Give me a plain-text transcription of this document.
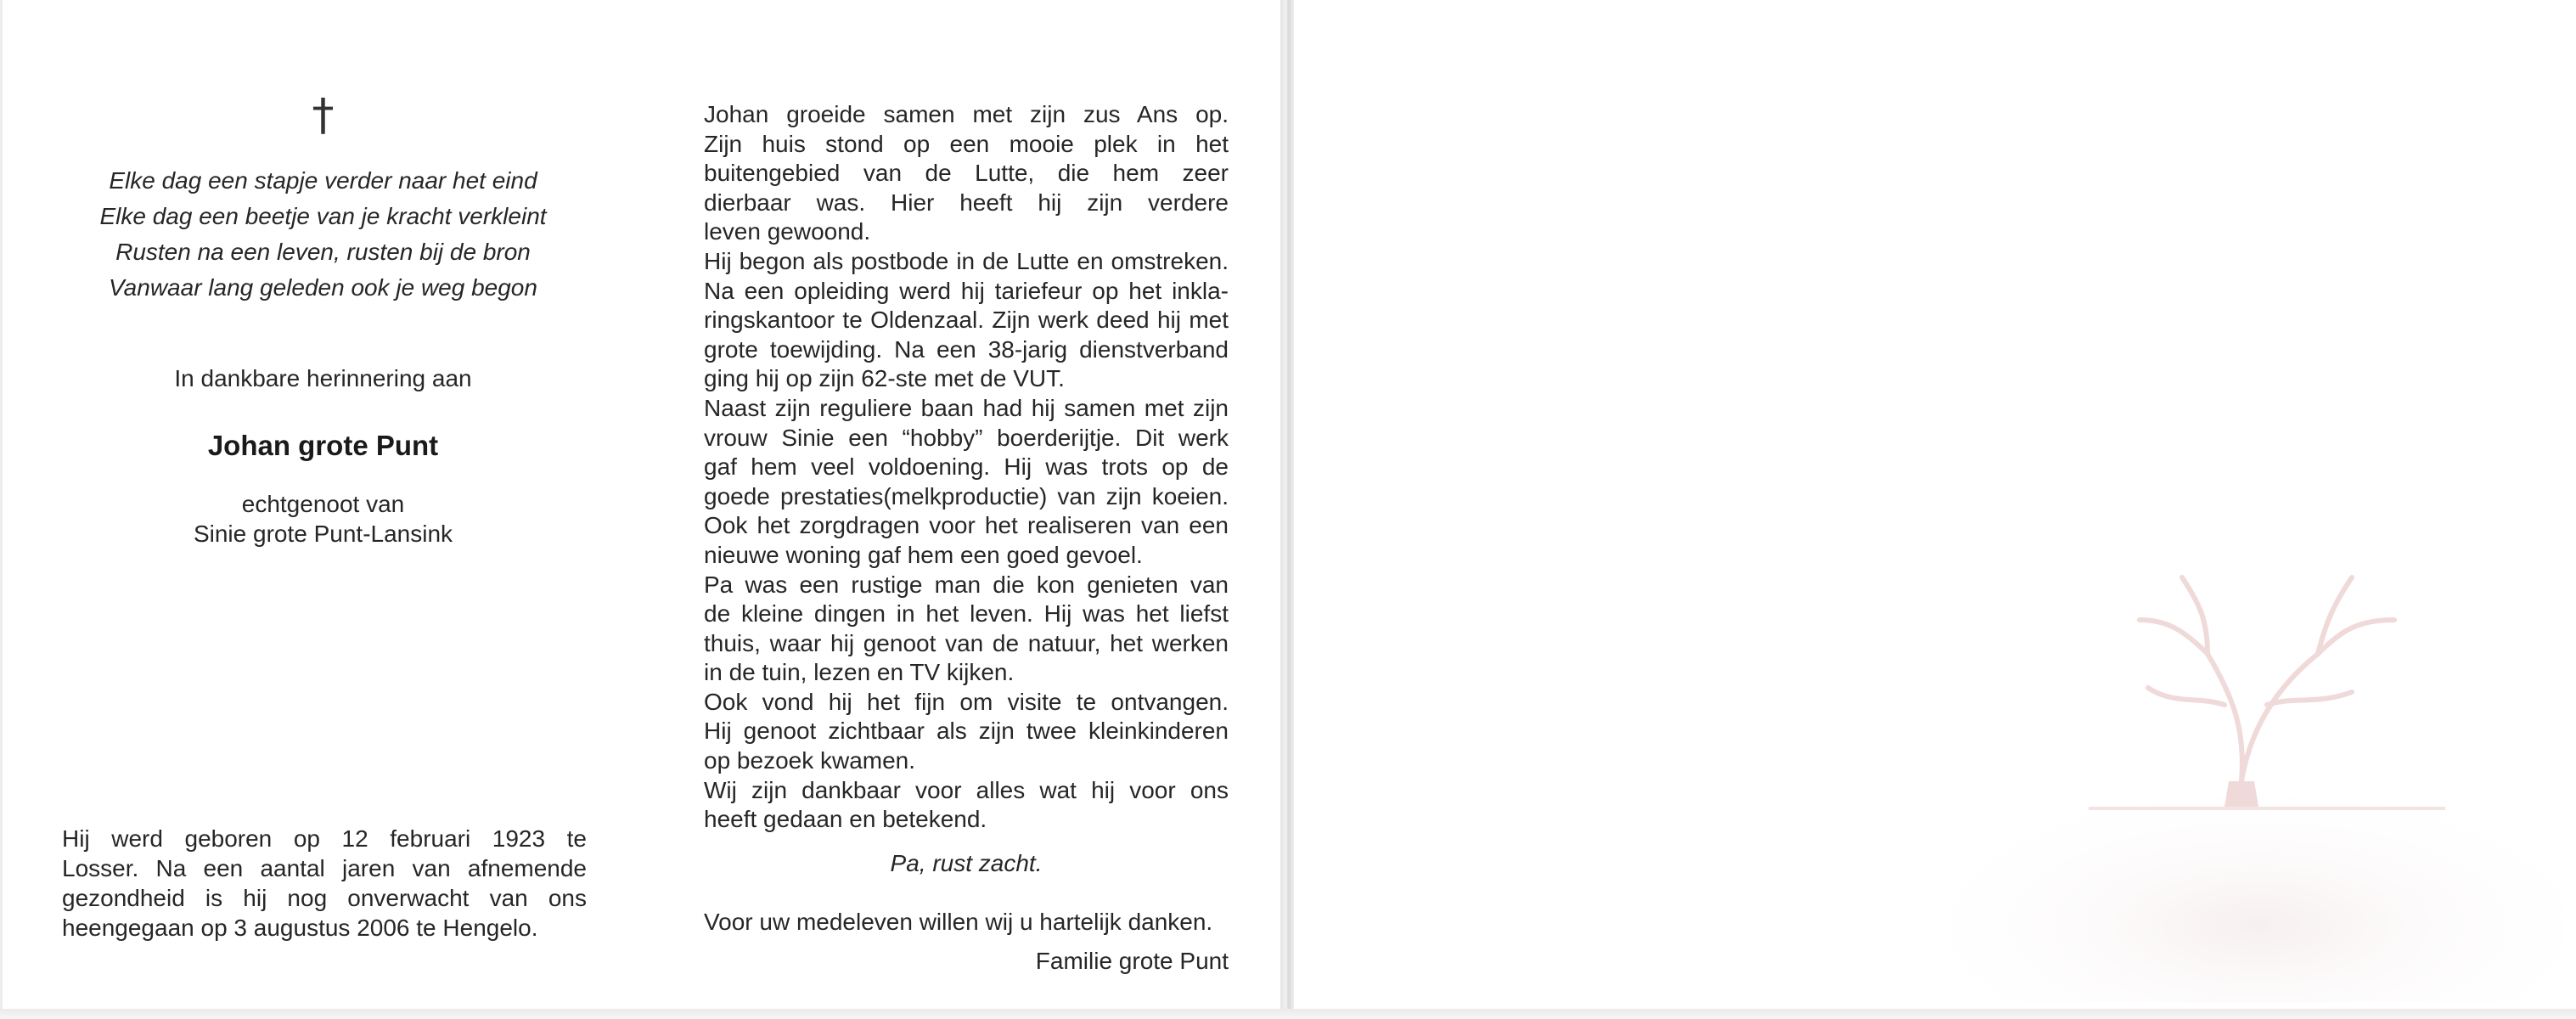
†
Elke dag een stapje verder naar het eind
Elke dag een beetje van je kracht verkleint
Rusten na een leven, rusten bij de bron
Vanwaar lang geleden ook je weg begon
In dankbare herinnering aan
Johan grote Punt
echtgenoot van
Sinie grote Punt-Lansink
Hij werd geboren op 12 februari 1923 te
Losser. Na een aantal jaren van afnemende
gezondheid is hij nog onverwacht van ons
heengegaan op 3 augustus 2006 te Hengelo.
Johan groeide samen met zijn zus Ans op.
Zijn huis stond op een mooie plek in het
buitengebied van de Lutte, die hem zeer
dierbaar was. Hier heeft hij zijn verdere
leven gewoond.
Hij begon als postbode in de Lutte en omstreken.
Na een opleiding werd hij tariefeur op het inkla-
ringskantoor te Oldenzaal. Zijn werk deed hij met
grote toewijding. Na een 38-jarig dienstverband
ging hij op zijn 62-ste met de VUT.
Naast zijn reguliere baan had hij samen met zijn
vrouw Sinie een “hobby” boerderijtje. Dit werk
gaf hem veel voldoening. Hij was trots op de
goede prestaties(melkproductie) van zijn koeien.
Ook het zorgdragen voor het realiseren van een
nieuwe woning gaf hem een goed gevoel.
Pa was een rustige man die kon genieten van
de kleine dingen in het leven. Hij was het liefst
thuis, waar hij genoot van de natuur, het werken
in de tuin, lezen en TV kijken.
Ook vond hij het fijn om visite te ontvangen.
Hij genoot zichtbaar als zijn twee kleinkinderen
op bezoek kwamen.
Wij zijn dankbaar voor alles wat hij voor ons
heeft gedaan en betekend.
Pa, rust zacht.
Voor uw medeleven willen wij u hartelijk danken.
Familie grote Punt
